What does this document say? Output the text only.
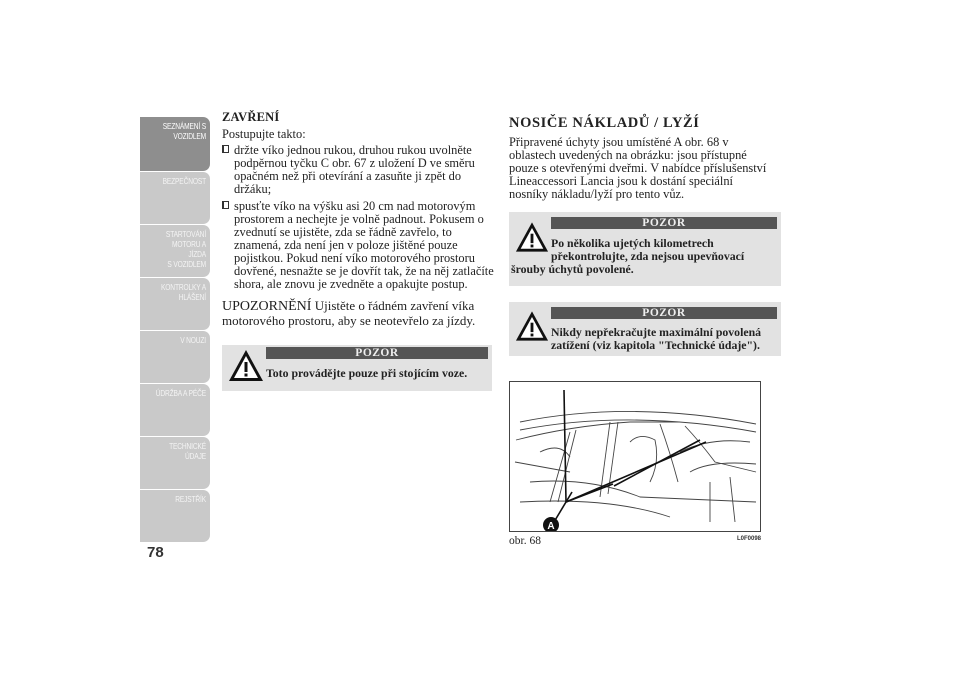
SEZNÁMENÍ S
VOZIDLEM
BEZPEČNOST
STARTOVÁNÍ
MOTORU A JÍZDA
S VOZIDLEM
KONTROLKY A
HLÁŠENÍ
V NOUZI
ÚDRŽBA A PÉČE
TECHNICKÉ
ÚDAJE
REJSTŘÍK
78
ZAVŘENÍ
Postupujte takto:
držte víko jednou rukou, druhou rukou uvolněte podpěrnou tyčku C obr. 67 z uložení D ve směru opačném než při otevírání a zasuňte ji zpět do držáku;
spusťte víko na výšku asi 20 cm nad motorovým prostorem a nechejte je volně padnout. Pokusem o zvednutí se ujistěte, zda se řádně zavřelo, to znamená, zda není jen v poloze jištěné pouze pojistkou. Pokud není víko motorového prostoru dovřené, nesnažte se je dovřít tak, že na něj zatlačíte shora, ale znovu je zvedněte a opakujte postup.
UPOZORNĚNÍ Ujistěte o řádném zavření víka motorového prostoru, aby se neotevřelo za jízdy.
POZOR
Toto provádějte pouze při stojícím voze.
NOSIČE NÁKLADŮ / LYŽÍ
Připravené úchyty jsou umístěné A obr. 68 v oblastech uvedených na obrázku: jsou přístupné pouze s otevřenými dveřmi. V nabídce příslušenství Lineaccessori Lancia jsou k dostání speciální nosníky nákladu/lyží pro tento vůz.
POZOR
Po několika ujetých kilometrech překontrolujte, zda nejsou upevňovací
šrouby úchytů povolené.
POZOR
Nikdy nepřekračujte maximální povolená zatížení (viz kapitola "Technické údaje").
A
obr. 68	L0F0098
